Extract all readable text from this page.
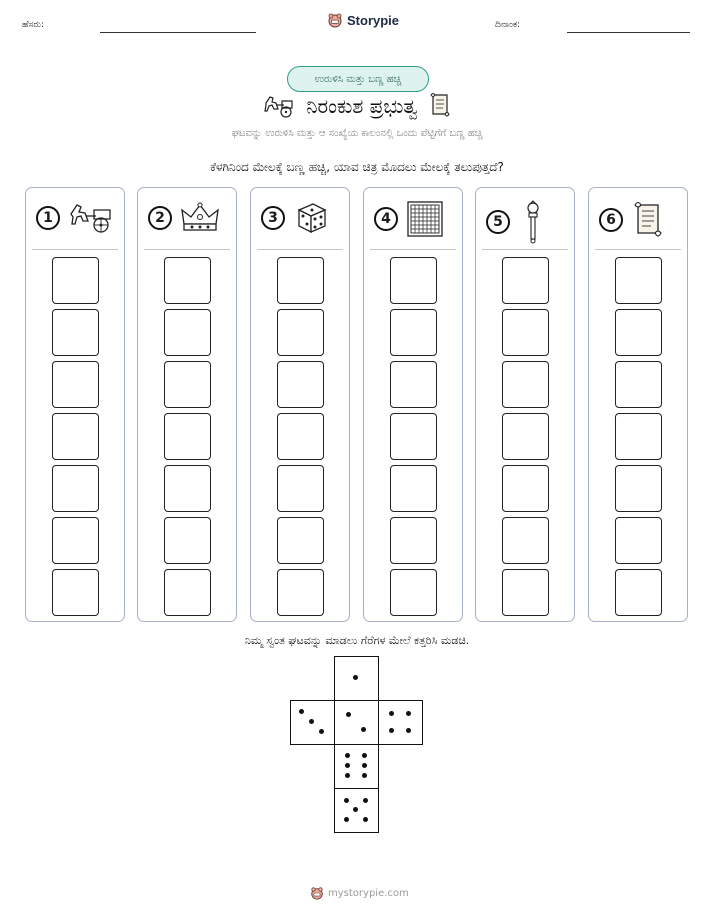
ಹೆಸರು:	Storypie	ದಿನಾಂಕ:
ಉರುಳಿಸಿ ಮತ್ತು ಬಣ್ಣ ಹಚ್ಚಿ
ನಿರಂಕುಶ ಪ್ರಭುತ್ವ
ಘಟವನ್ನು ಉರುಳಿಸಿ ಮತ್ತು ಆ ಸಂಖ್ಯೆಯ ಕಾಲಂನಲ್ಲಿ ಒಂದು ಪೆಟ್ಟಿಗೆಗೆ ಬಣ್ಣ ಹಚ್ಚಿ
ಕೆಳಗಿನಿಂದ ಮೇಲಕ್ಕೆ ಬಣ್ಣ ಹಚ್ಚಿ, ಯಾವ ಚಿತ್ರ ಮೊದಲು ಮೇಲಕ್ಕೆ ತಲುಪುತ್ತದೆ?
1	2	3	4	5	6
ನಿಮ್ಮ ಸ್ವಂತ ಘಟವನ್ನು ಮಾಡಲು ಗೆರೆಗಳ ಮೇಲೆ ಕತ್ತರಿಸಿ ಮಡಚಿ.
mystorypie.com
